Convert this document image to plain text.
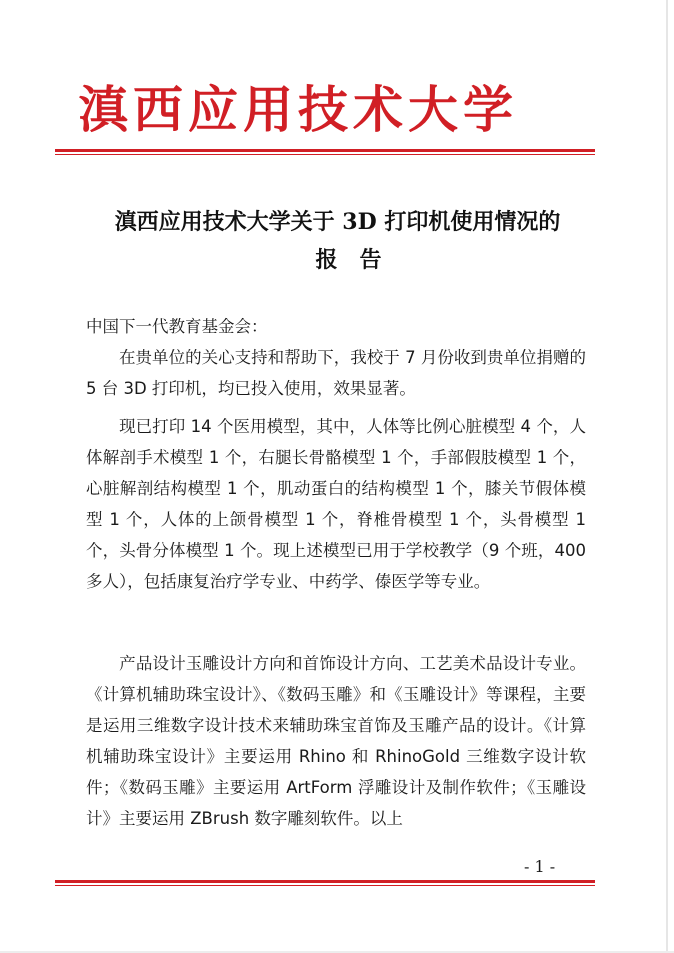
滇西应用技术大学
滇西应用技术大学关于 3D 打印机使用情况的
报告
中国下一代教育基金会：
在贵单位的关心支持和帮助下，我校于 7 月份收到贵单位捐赠的 5 台 3D 打印机，均已投入使用，效果显著。
现已打印 14 个医用模型，其中，人体等比例心脏模型 4 个，人体解剖手术模型 1 个，右腿长骨骼模型 1 个，手部假肢模型 1 个，心脏解剖结构模型 1 个，肌动蛋白的结构模型 1 个，膝关节假体模型 1 个，人体的上颌骨模型 1 个，脊椎骨模型 1 个，头骨模型 1 个，头骨分体模型 1 个。现上述模型已用于学校教学（9 个班，400 多人），包括康复治疗学专业、中药学、傣医学等专业。
产品设计玉雕设计方向和首饰设计方向、工艺美术品设计专业。《计算机辅助珠宝设计》、《数码玉雕》和《玉雕设计》等课程，主要是运用三维数字设计技术来辅助珠宝首饰及玉雕产品的设计。《计算机辅助珠宝设计》主要运用 Rhino 和 RhinoGold 三维数字设计软件；《数码玉雕》主要运用 ArtForm 浮雕设计及制作软件；《玉雕设计》主要运用 ZBrush 数字雕刻软件。以上
- 1 -
